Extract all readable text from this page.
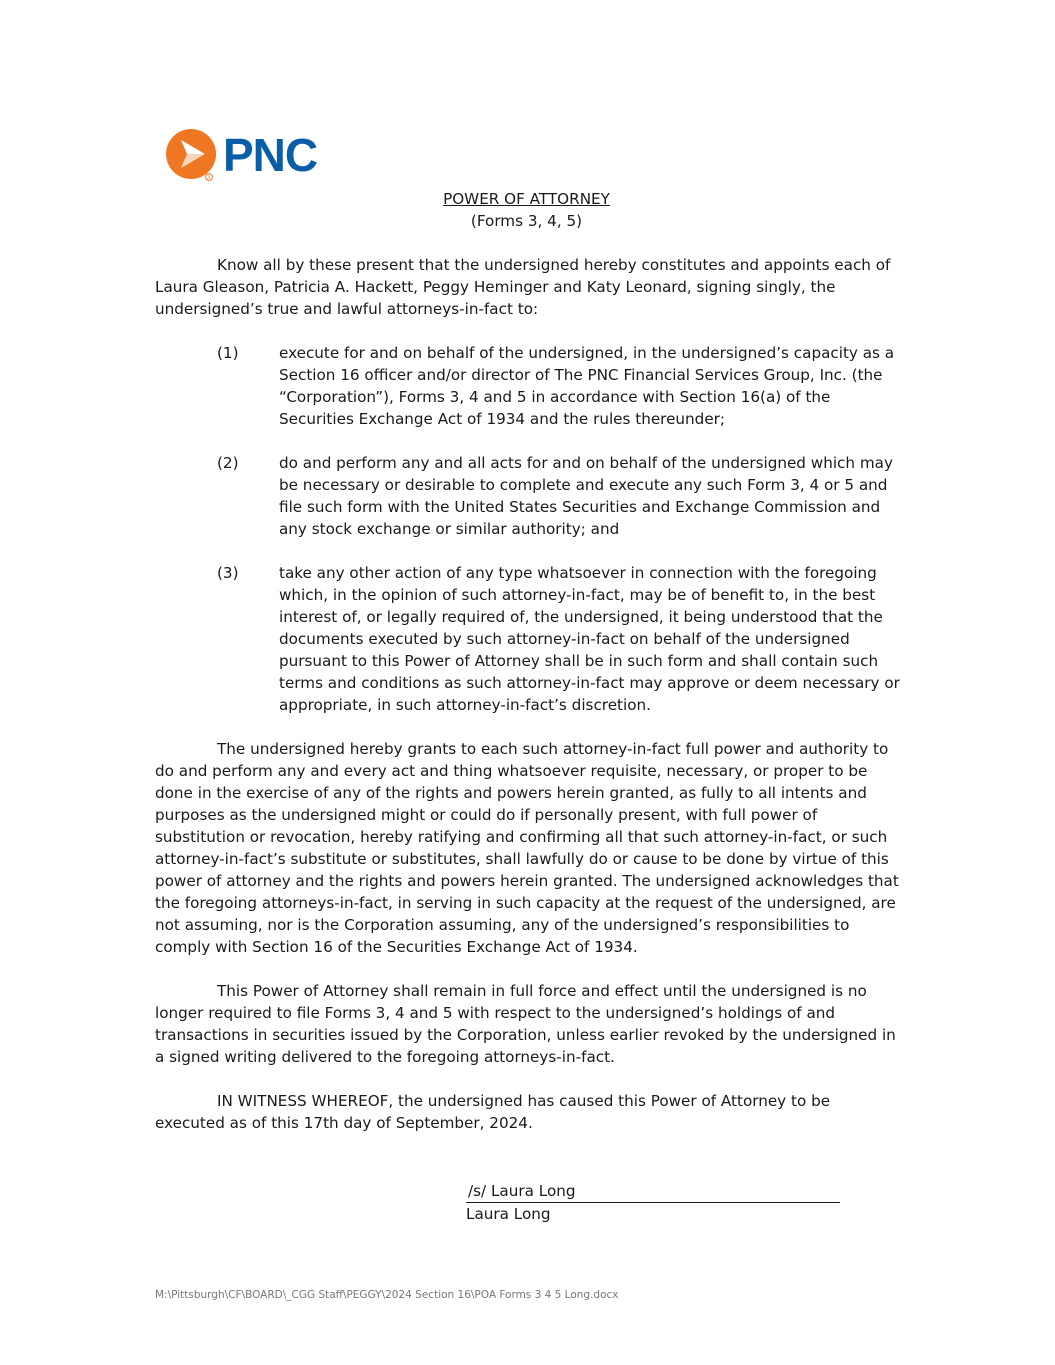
R PNC
POWER OF ATTORNEY
(Forms 3, 4, 5)
Know all by these present that the undersigned hereby constitutes and appoints each of Laura Gleason, Patricia A. Hackett, Peggy Heminger and Katy Leonard, signing singly, the undersigned’s true and lawful attorneys-in-fact to:
(1)	execute for and on behalf of the undersigned, in the undersigned’s capacity as a Section 16 officer and/or director of The PNC Financial Services Group, Inc. (the “Corporation”), Forms 3, 4 and 5 in accordance with Section 16(a) of the Securities Exchange Act of 1934 and the rules thereunder;
(2)	do and perform any and all acts for and on behalf of the undersigned which may be necessary or desirable to complete and execute any such Form 3, 4 or 5 and file such form with the United States Securities and Exchange Commission and any stock exchange or similar authority; and
(3)	take any other action of any type whatsoever in connection with the foregoing which, in the opinion of such attorney-in-fact, may be of benefit to, in the best interest of, or legally required of, the undersigned, it being understood that the documents executed by such attorney-in-fact on behalf of the undersigned pursuant to this Power of Attorney shall be in such form and shall contain such terms and conditions as such attorney-in-fact may approve or deem necessary or appropriate, in such attorney-in-fact’s discretion.
The undersigned hereby grants to each such attorney-in-fact full power and authority to do and perform any and every act and thing whatsoever requisite, necessary, or proper to be done in the exercise of any of the rights and powers herein granted, as fully to all intents and purposes as the undersigned might or could do if personally present, with full power of substitution or revocation, hereby ratifying and confirming all that such attorney-in-fact, or such attorney-in-fact’s substitute or substitutes, shall lawfully do or cause to be done by virtue of this power of attorney and the rights and powers herein granted. The undersigned acknowledges that the foregoing attorneys-in-fact, in serving in such capacity at the request of the undersigned, are not assuming, nor is the Corporation assuming, any of the undersigned’s responsibilities to comply with Section 16 of the Securities Exchange Act of 1934.
This Power of Attorney shall remain in full force and effect until the undersigned is no longer required to file Forms 3, 4 and 5 with respect to the undersigned’s holdings of and transactions in securities issued by the Corporation, unless earlier revoked by the undersigned in a signed writing delivered to the foregoing attorneys-in-fact.
IN WITNESS WHEREOF, the undersigned has caused this Power of Attorney to be executed as of this 17th day of September, 2024.
/s/ Laura Long
Laura Long
M:\Pittsburgh\CF\BOARD\_CGG Staff\PEGGY\2024 Section 16\POA Forms 3 4 5 Long.docx
